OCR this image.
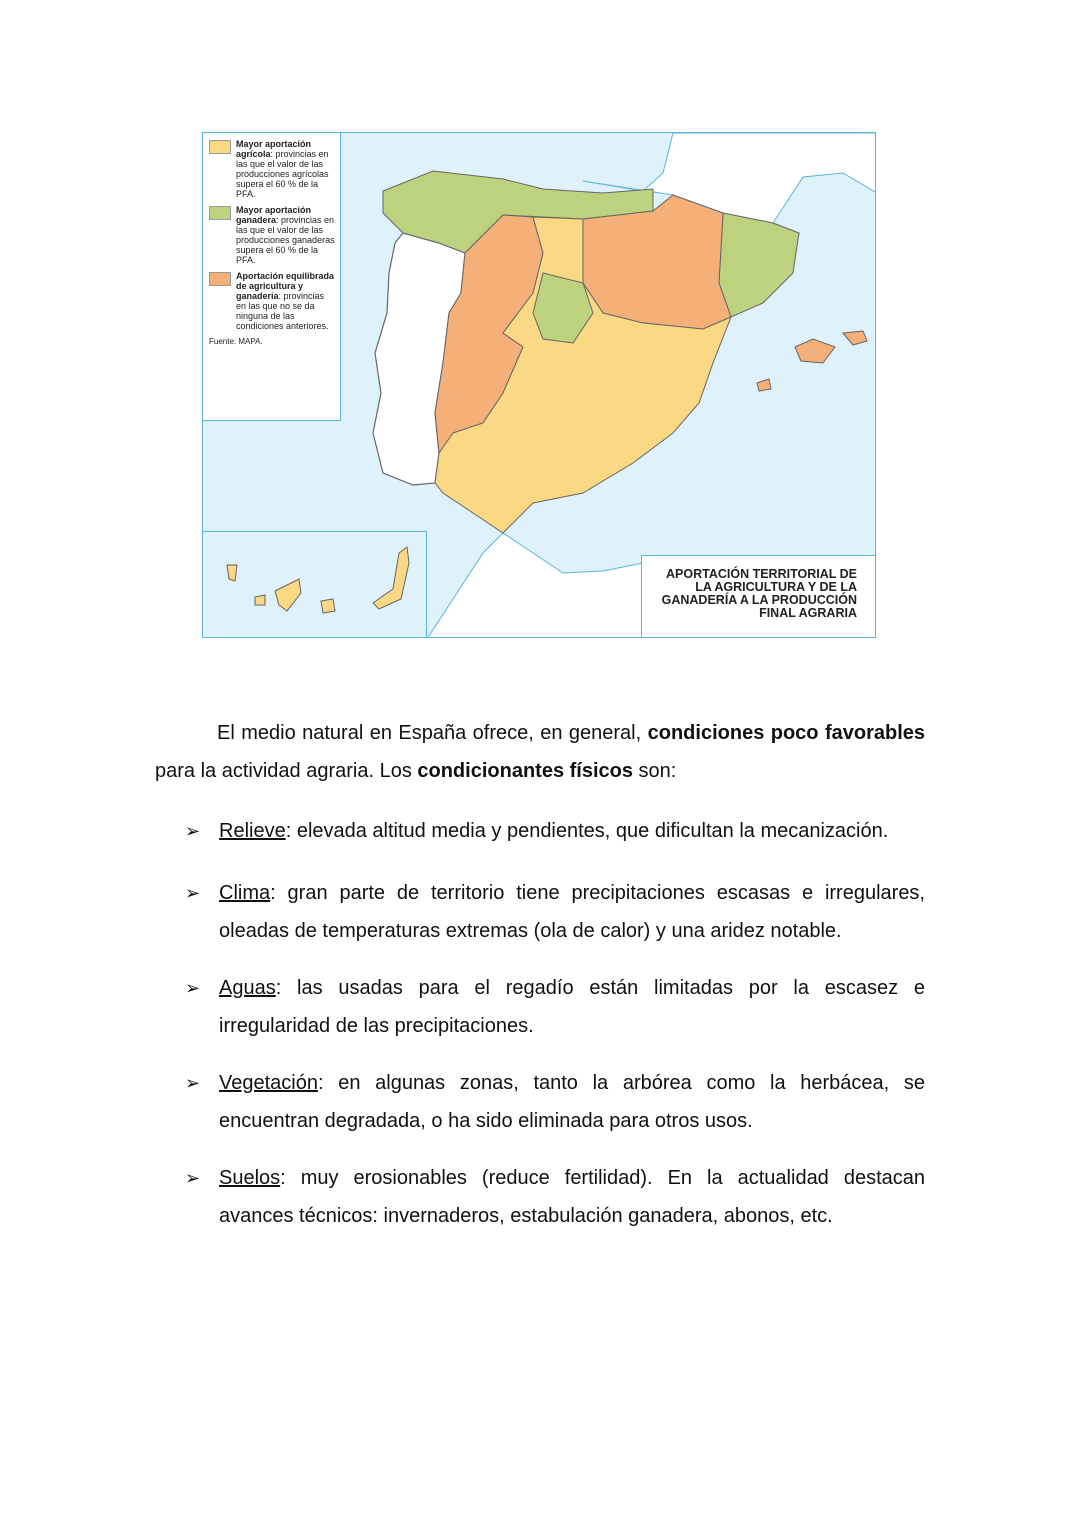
Mayor aportación agrícola: provincias en las que el valor de las producciones agrícolas supera el 60 % de la PFA.
Mayor aportación ganadera: provincias en las que el valor de las producciones ganaderas supera el 60 % de la PFA.
Aportación equilibrada de agricultura y ganadería: provincias en las que no se da ninguna de las condiciones anteriores.
Fuente: MAPA.
APORTACIÓN TERRITORIAL DE LA AGRICULTURA Y DE LA GANADERÍA A LA PRODUCCIÓN FINAL AGRARIA

El medio natural en España ofrece, en general, condiciones poco favorables para la actividad agraria. Los condicionantes físicos son:

➢ Relieve: elevada altitud media y pendientes, que dificultan la mecanización.
➢ Clima: gran parte de territorio tiene precipitaciones escasas e irregulares, oleadas de temperaturas extremas (ola de calor) y una aridez notable.
➢ Aguas: las usadas para el regadío están limitadas por la escasez e irregularidad de las precipitaciones.
➢ Vegetación: en algunas zonas, tanto la arbórea como la herbácea, se encuentran degradada, o ha sido eliminada para otros usos.
➢ Suelos: muy erosionables (reduce fertilidad). En la actualidad destacan avances técnicos: invernaderos, estabulación ganadera, abonos, etc.
